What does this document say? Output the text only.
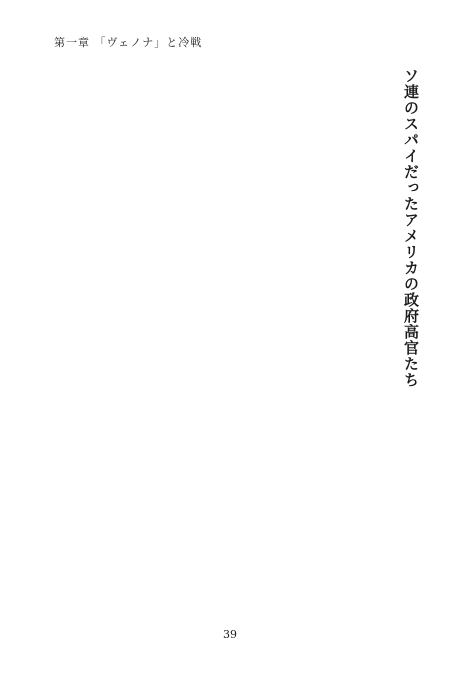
第一章 「ヴェノナ」と冷戦
ソ連のスパイだったアメリカの政府高官たち
39
